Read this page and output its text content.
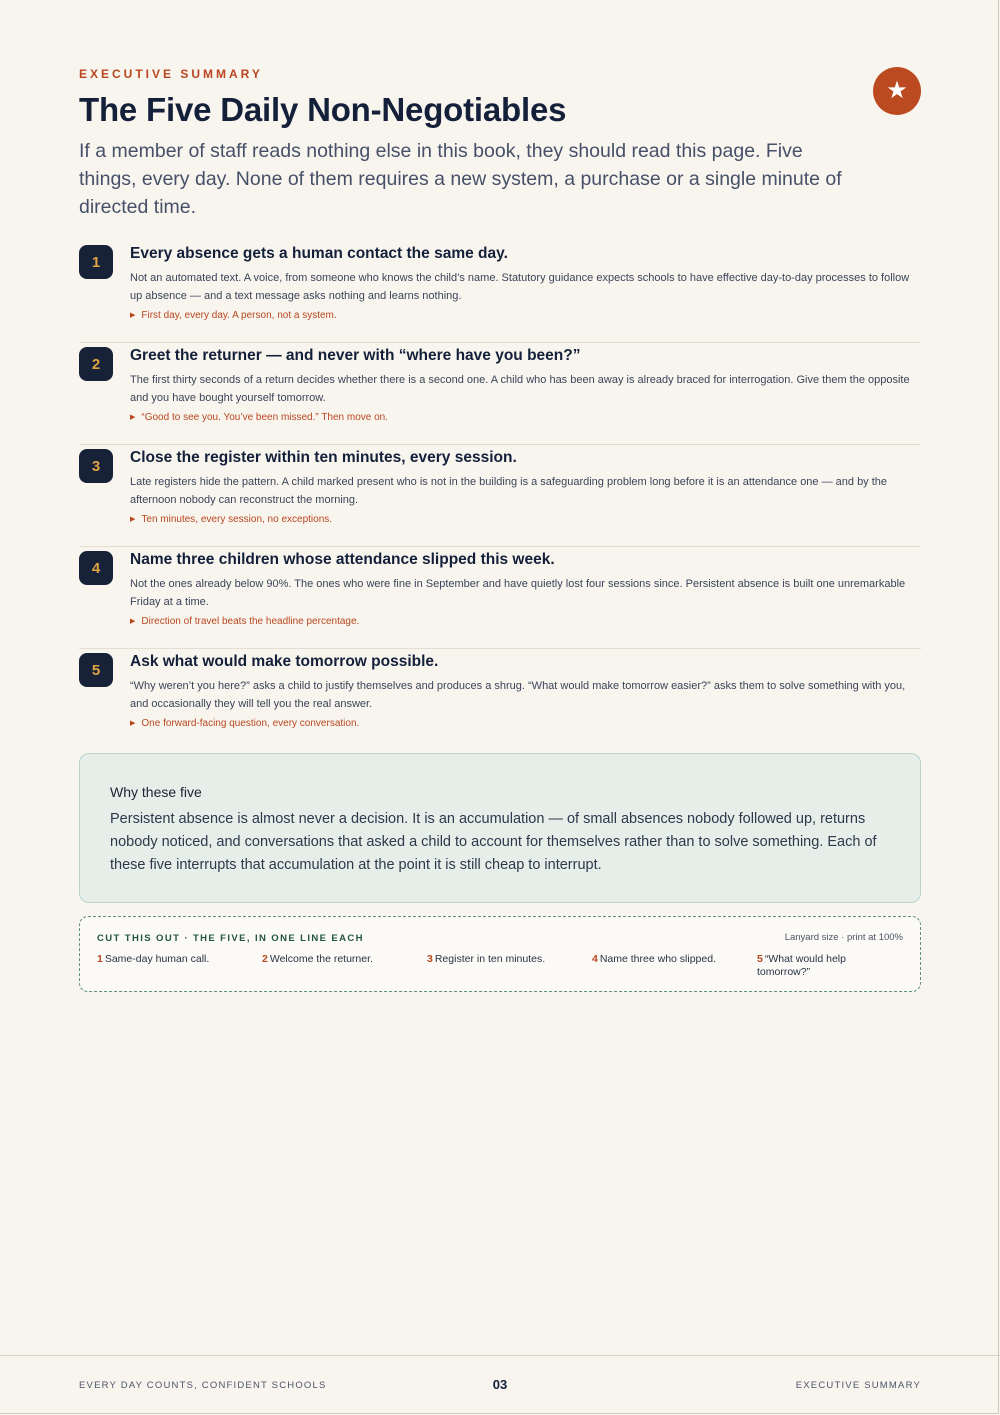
EXECUTIVE SUMMARY
The Five Daily Non-Negotiables
★

If a member of staff reads nothing else in this book, they should read this page. Five things, every day. None of them requires a new system, a purchase or a single minute of directed time.

1	Every absence gets a human contact the same day.

Not an automated text. A voice, from someone who knows the child’s name. Statutory guidance expects schools to have effective day-to-day processes to follow up absence — and a text message asks nothing and learns nothing.

▶ First day, every day. A person, not a system.

2	Greet the returner — and never with “where have you been?”

The first thirty seconds of a return decides whether there is a second one. A child who has been away is already braced for interrogation. Give them the opposite and you have bought yourself tomorrow.

▶ “Good to see you. You’ve been missed.” Then move on.

3	Close the register within ten minutes, every session.

Late registers hide the pattern. A child marked present who is not in the building is a safeguarding problem long before it is an attendance one — and by the afternoon nobody can reconstruct the morning.

▶ Ten minutes, every session, no exceptions.

4	Name three children whose attendance slipped this week.

Not the ones already below 90%. The ones who were fine in September and have quietly lost four sessions since. Persistent absence is built one unremarkable Friday at a time.

▶ Direction of travel beats the headline percentage.

5	Ask what would make tomorrow possible.

“Why weren’t you here?” asks a child to justify themselves and produces a shrug. “What would make tomorrow easier?” asks them to solve something with you, and occasionally they will tell you the real answer.

▶ One forward-facing question, every conversation.

Why these five

Persistent absence is almost never a decision. It is an accumulation — of small absences nobody followed up, returns nobody noticed, and conversations that asked a child to account for themselves rather than to solve something. Each of these five interrupts that accumulation at the point it is still cheap to interrupt.

CUT THIS OUT · THE FIVE, IN ONE LINE EACH	Lanyard size · print at 100%
1 Same-day human call.	2 Welcome the returner.	3 Register in ten minutes.	4 Name three who slipped.	5 “What would help tomorrow?”
EVERY DAY COUNTS, CONFIDENT SCHOOLS	03	EXECUTIVE SUMMARY
